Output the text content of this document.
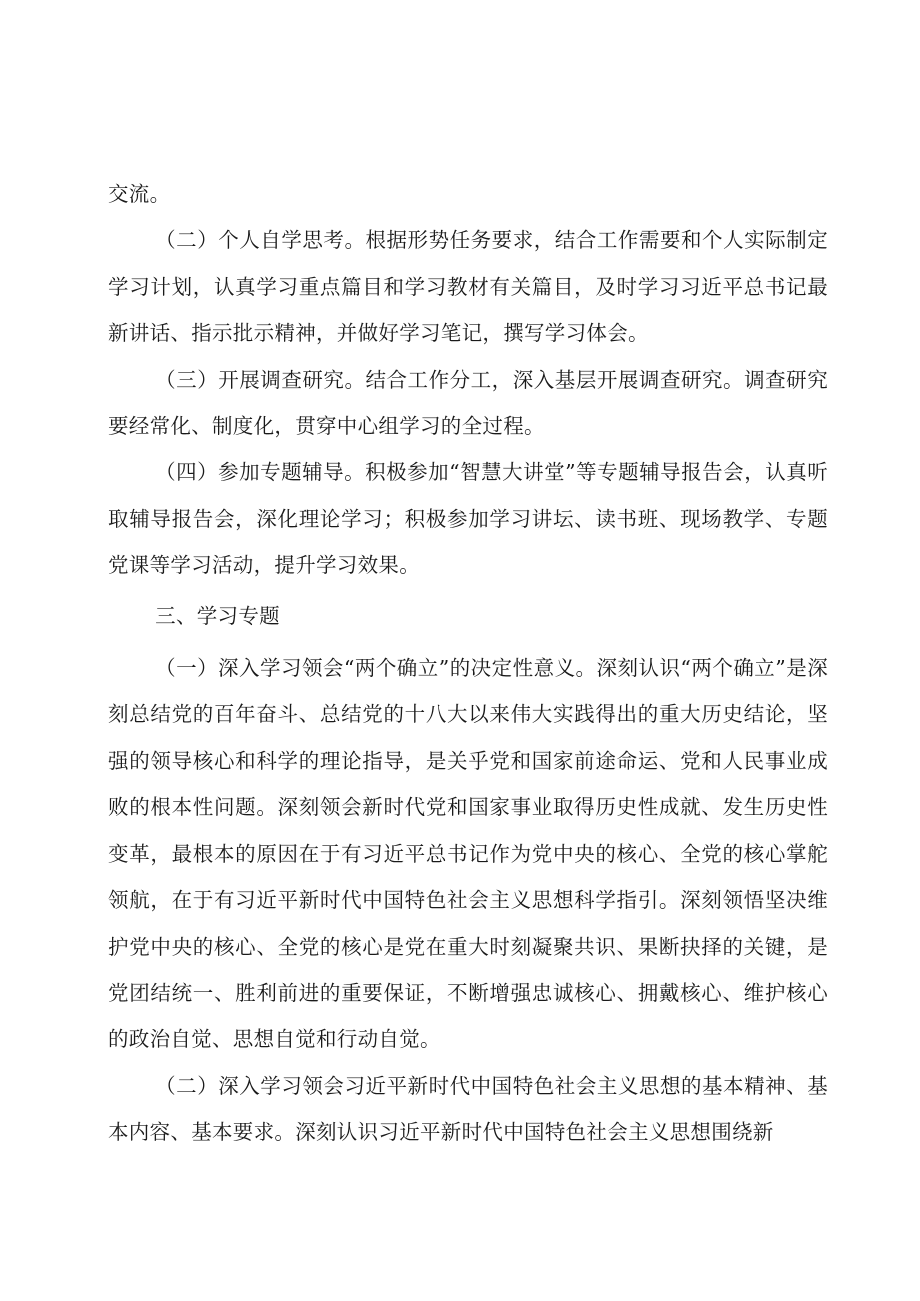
交流。

（二）个人自学思考。根据形势任务要求，结合工作需要和个人实际制定学习计划，认真学习重点篇目和学习教材有关篇目，及时学习习近平总书记最新讲话、指示批示精神，并做好学习笔记，撰写学习体会。

（三）开展调查研究。结合工作分工，深入基层开展调查研究。调查研究要经常化、制度化，贯穿中心组学习的全过程。

（四）参加专题辅导。积极参加“智慧大讲堂”等专题辅导报告会，认真听取辅导报告会，深化理论学习；积极参加学习讲坛、读书班、现场教学、专题党课等学习活动，提升学习效果。

三、学习专题

（一）深入学习领会“两个确立”的决定性意义。深刻认识“两个确立”是深刻总结党的百年奋斗、总结党的十八大以来伟大实践得出的重大历史结论，坚强的领导核心和科学的理论指导，是关乎党和国家前途命运、党和人民事业成败的根本性问题。深刻领会新时代党和国家事业取得历史性成就、发生历史性变革，最根本的原因在于有习近平总书记作为党中央的核心、全党的核心掌舵领航，在于有习近平新时代中国特色社会主义思想科学指引。深刻领悟坚决维护党中央的核心、全党的核心是党在重大时刻凝聚共识、果断抉择的关键，是党团结统一、胜利前进的重要保证，不断增强忠诚核心、拥戴核心、维护核心的政治自觉、思想自觉和行动自觉。

（二）深入学习领会习近平新时代中国特色社会主义思想的基本精神、基本内容、基本要求。深刻认识习近平新时代中国特色社会主义思想围绕新
